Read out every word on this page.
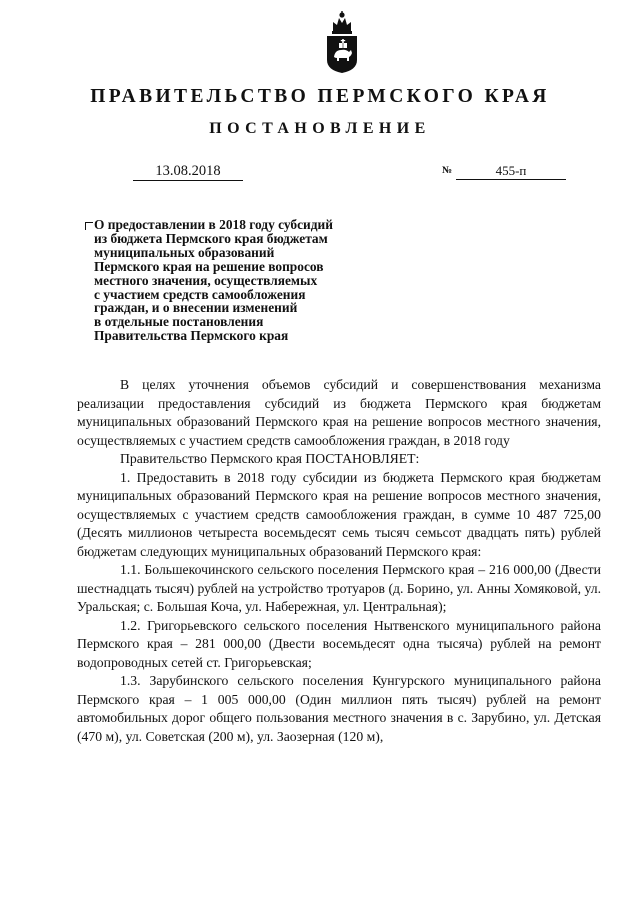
ПРАВИТЕЛЬСТВО ПЕРМСКОГО КРАЯ
ПОСТАНОВЛЕНИЕ
13.08.2018	№	455-п
О предоставлении в 2018 году субсидий
из бюджета Пермского края бюджетам
муниципальных образований
Пермского края на решение вопросов
местного значения, осуществляемых
с участием средств самообложения
граждан, и о внесении изменений
в отдельные постановления
Правительства Пермского края

В целях уточнения объемов субсидий и совершенствования механизма реализации предоставления субсидий из бюджета Пермского края бюджетам муниципальных образований Пермского края на решение вопросов местного значения, осуществляемых с участием средств самообложения граждан, в 2018 году

Правительство Пермского края ПОСТАНОВЛЯЕТ:

1. Предоставить в 2018 году субсидии из бюджета Пермского края бюджетам муниципальных образований Пермского края на решение вопросов местного значения, осуществляемых с участием средств самообложения граждан, в сумме 10 487 725,00 (Десять миллионов четыреста восемьдесят семь тысяч семьсот двадцать пять) рублей бюджетам следующих муниципальных образований Пермского края:

1.1. Большекочинского сельского поселения Пермского края – 216 000,00 (Двести шестнадцать тысяч) рублей на устройство тротуаров (д. Борино, ул. Анны Хомяковой, ул. Уральская; с. Большая Коча, ул. Набережная, ул. Центральная);

1.2. Григорьевского сельского поселения Нытвенского муниципального района Пермского края – 281 000,00 (Двести восемьдесят одна тысяча) рублей на ремонт водопроводных сетей ст. Григорьевская;

1.3. Зарубинского сельского поселения Кунгурского муниципального района Пермского края – 1 005 000,00 (Один миллион пять тысяч) рублей на ремонт автомобильных дорог общего пользования местного значения в с. Зарубино, ул. Детская (470 м), ул. Советская (200 м), ул. Заозерная (120 м),
